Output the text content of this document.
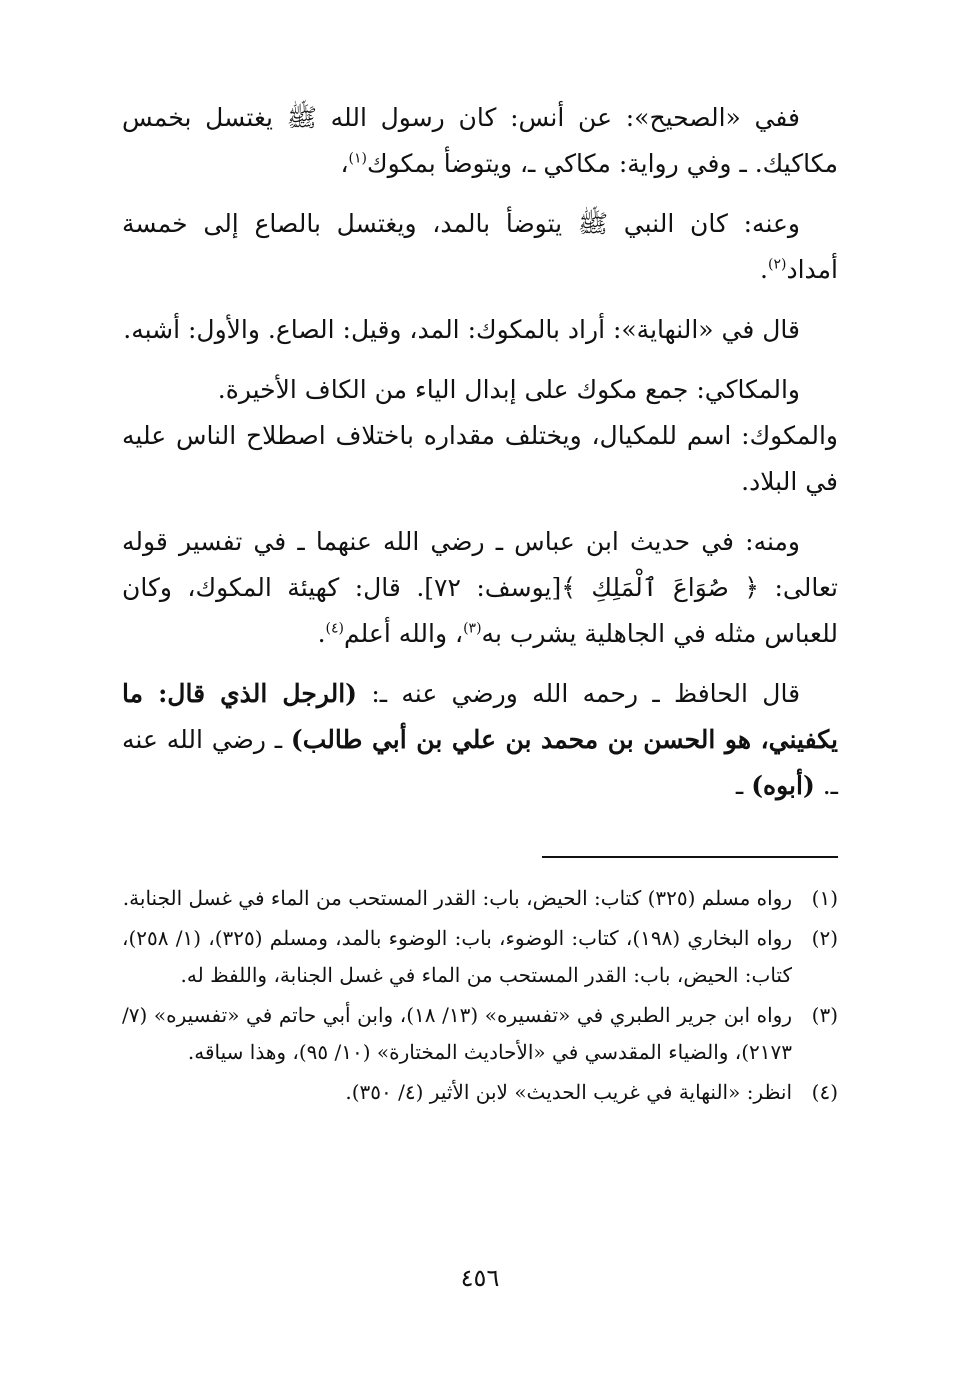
ففي «الصحيح»: عن أنس: كان رسول الله ﷺ يغتسل بخمس مكاكيك. ـ وفي رواية: مكاكي ـ، ويتوضأ بمكوك$^{(١)}$،

وعنه: كان النبي ﷺ يتوضأ بالمد، ويغتسل بالصاع إلى خمسة أمداد$^{(٢)}$.

قال في «النهاية»: أراد بالمكوك: المد، وقيل: الصاع. والأول: أشبه.

والمكاكي: جمع مكوك على إبدال الياء من الكاف الأخيرة.

والمكوك: اسم للمكيال، ويختلف مقداره باختلاف اصطلاح الناس عليه في البلاد.

ومنه: في حديث ابن عباس ـ رضي الله عنهما ـ في تفسير قوله تعالى: ﴿ صُوَاعَ ٱلْمَلِكِ ﴾[يوسف: ٧٢]. قال: كهيئة المكوك، وكان للعباس مثله في الجاهلية يشرب به$^{(٣)}$، والله أعلم$^{(٤)}$.

قال الحافظ ـ رحمه الله ورضي عنه ـ: (الرجل الذي قال: ما يكفيني، هو الحسن بن محمد بن علي بن أبي طالب) ـ رضي الله عنه ـ. (أبوه) ـ

(١)
رواه مسلم (٣٢٥) كتاب: الحيض، باب: القدر المستحب من الماء في غسل الجنابة.
(٢)
رواه البخاري (١٩٨)، كتاب: الوضوء، باب: الوضوء بالمد، ومسلم (٣٢٥)، (١/ ٢٥٨)، كتاب: الحيض، باب: القدر المستحب من الماء في غسل الجنابة، واللفظ له.
(٣)
رواه ابن جرير الطبري في «تفسيره» (١٣/ ١٨)، وابن أبي حاتم في «تفسيره» (٧/ ٢١٧٣)، والضياء المقدسي في «الأحاديث المختارة» (١٠/ ٩٥)، وهذا سياقه.
(٤)
انظر: «النهاية في غريب الحديث» لابن الأثير (٤/ ٣٥٠).
٤٥٦
